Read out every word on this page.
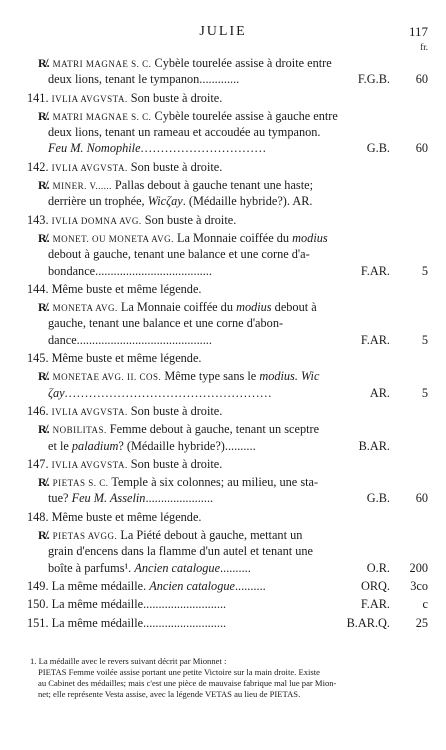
JULIE	117
fr.
R̸. MATRI MAGNAE S. C. Cybèle tourelée assise à droite entre
deux lions, tenant le tympanon.............	F.G.B.	60
141. IVLIA AVGVSTA. Son buste à droite.
R̸. MATRI MAGNAE S. C. Cybèle tourelée assise à gauche entre
deux lions, tenant un rameau et accoudée au tympanon.
Feu M. Nomophile...............................	G.B.	60
142. IVLIA AVGVSTA. Son buste à droite.
R̸. MINER. V...... Pallas debout à gauche tenant une haste;
derrière un trophée, Wicζay. (Médaille hybride?). AR.
143. IVLIA DOMNA AVG. Son buste à droite.
R̸. MONET. OU MONETA AVG. La Monnaie coiffée du modius
debout à gauche, tenant une balance et une corne d'a-
bondance......................................	F.AR.	5
144. Même buste et même légende.
R̸. MONETA AVG. La Monnaie coiffée du modius debout à
gauche, tenant une balance et une corne d'abon-
dance............................................	F.AR.	5
145. Même buste et même légende.
R̸. MONETAE AVG. II. COS. Même type sans le modius. Wic
ζay...................................................	AR.	5
146. IVLIA AVGVSTA. Son buste à droite.
R̸. NOBILITAS. Femme debout à gauche, tenant un sceptre
et le paladium? (Médaille hybride?)..........	B.AR.
147. IVLIA AVGVSTA. Son buste à droite.
R̸. PIETAS S. C. Temple à six colonnes; au milieu, une sta-
tue? Feu M. Asselin......................	G.B.	60
148. Même buste et même légende.
R̸. PIETAS AVGG. La Piété debout à gauche, mettant un
grain d'encens dans la flamme d'un autel et tenant une
boîte à parfums¹. Ancien catalogue..........	O.R.	200
149. La même médaille. Ancien catalogue..........	ORQ.	3co
150. La même médaille...........................	F.AR.	c
151. La même médaille...........................	B.AR.Q.	25
1. La médaille avec le revers suivant décrit par Mionnet :
PIETAS Femme voilée assise portant une petite Victoire sur la main droite. Existe
au Cabinet des médailles; mais c'est une pièce de mauvaise fabrique mal lue par Mion-
net; elle représente Vesta assise, avec la légende VETAS au lieu de PIETAS.
